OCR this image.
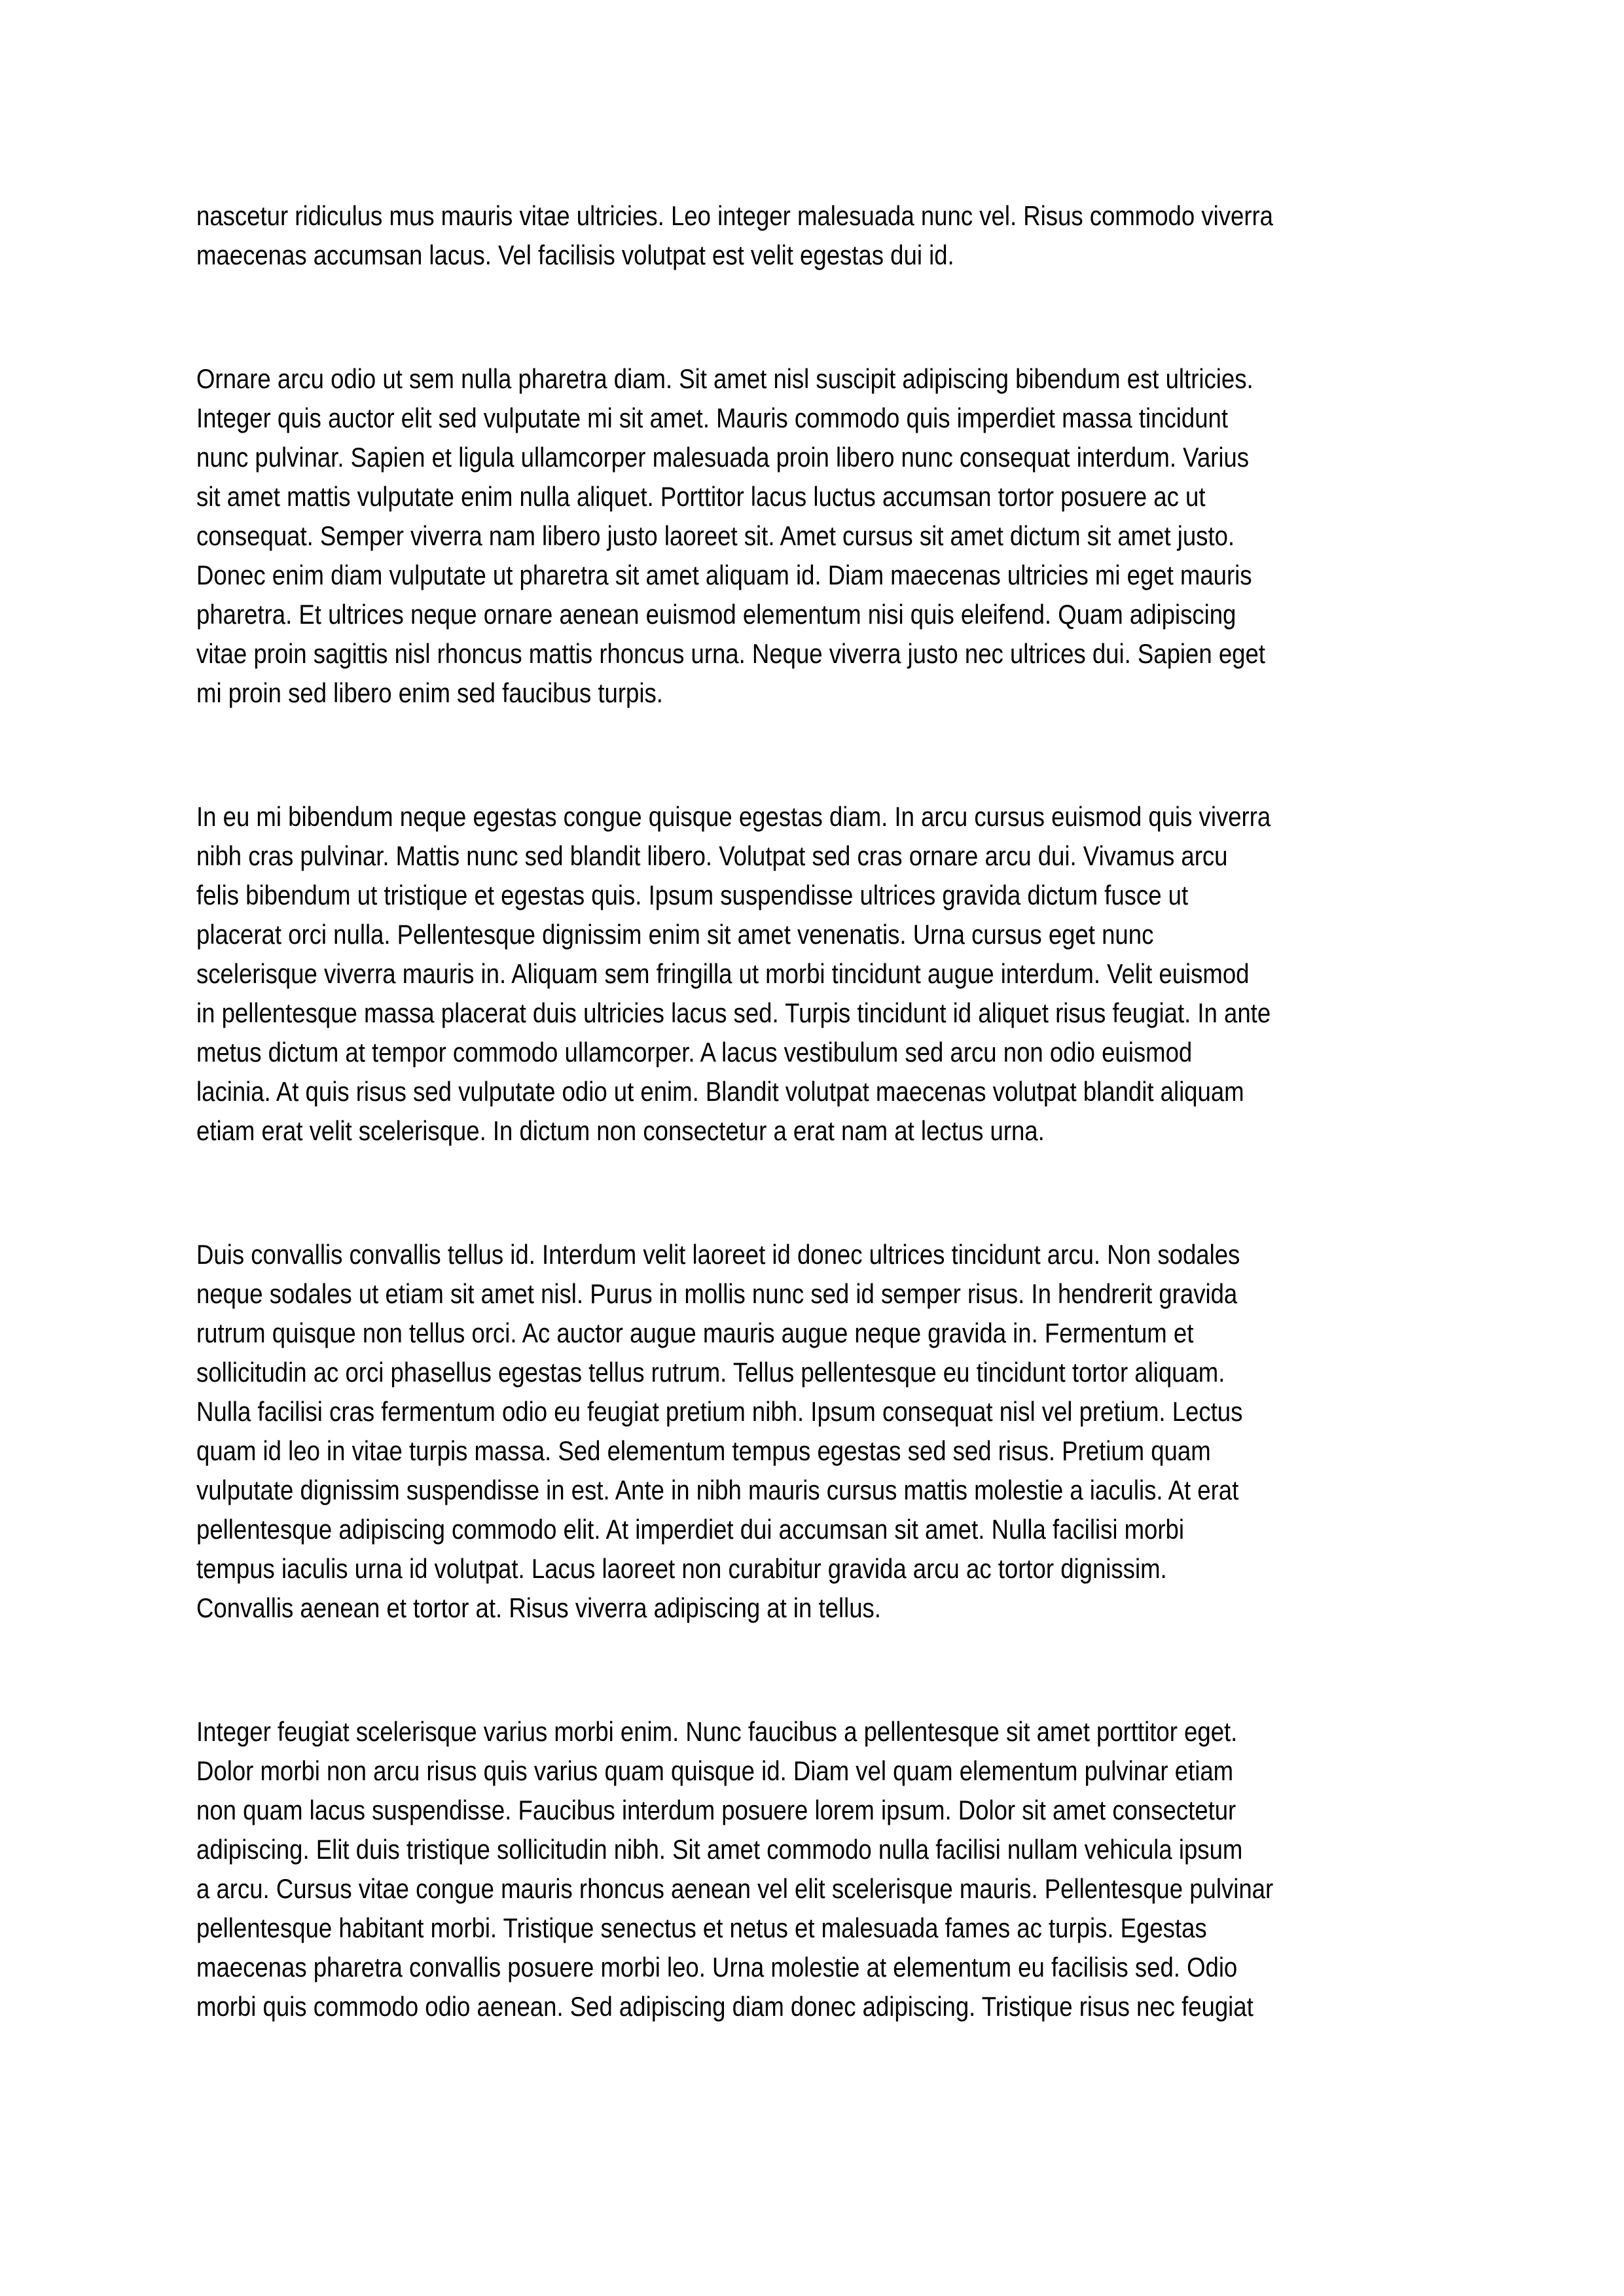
nascetur ridiculus mus mauris vitae ultricies. Leo integer malesuada nunc vel. Risus commodo viverra
maecenas accumsan lacus. Vel facilisis volutpat est velit egestas dui id.

Ornare arcu odio ut sem nulla pharetra diam. Sit amet nisl suscipit adipiscing bibendum est ultricies.
Integer quis auctor elit sed vulputate mi sit amet. Mauris commodo quis imperdiet massa tincidunt
nunc pulvinar. Sapien et ligula ullamcorper malesuada proin libero nunc consequat interdum. Varius
sit amet mattis vulputate enim nulla aliquet. Porttitor lacus luctus accumsan tortor posuere ac ut
consequat. Semper viverra nam libero justo laoreet sit. Amet cursus sit amet dictum sit amet justo.
Donec enim diam vulputate ut pharetra sit amet aliquam id. Diam maecenas ultricies mi eget mauris
pharetra. Et ultrices neque ornare aenean euismod elementum nisi quis eleifend. Quam adipiscing
vitae proin sagittis nisl rhoncus mattis rhoncus urna. Neque viverra justo nec ultrices dui. Sapien eget
mi proin sed libero enim sed faucibus turpis.

In eu mi bibendum neque egestas congue quisque egestas diam. In arcu cursus euismod quis viverra
nibh cras pulvinar. Mattis nunc sed blandit libero. Volutpat sed cras ornare arcu dui. Vivamus arcu
felis bibendum ut tristique et egestas quis. Ipsum suspendisse ultrices gravida dictum fusce ut
placerat orci nulla. Pellentesque dignissim enim sit amet venenatis. Urna cursus eget nunc
scelerisque viverra mauris in. Aliquam sem fringilla ut morbi tincidunt augue interdum. Velit euismod
in pellentesque massa placerat duis ultricies lacus sed. Turpis tincidunt id aliquet risus feugiat. In ante
metus dictum at tempor commodo ullamcorper. A lacus vestibulum sed arcu non odio euismod
lacinia. At quis risus sed vulputate odio ut enim. Blandit volutpat maecenas volutpat blandit aliquam
etiam erat velit scelerisque. In dictum non consectetur a erat nam at lectus urna.

Duis convallis convallis tellus id. Interdum velit laoreet id donec ultrices tincidunt arcu. Non sodales
neque sodales ut etiam sit amet nisl. Purus in mollis nunc sed id semper risus. In hendrerit gravida
rutrum quisque non tellus orci. Ac auctor augue mauris augue neque gravida in. Fermentum et
sollicitudin ac orci phasellus egestas tellus rutrum. Tellus pellentesque eu tincidunt tortor aliquam.
Nulla facilisi cras fermentum odio eu feugiat pretium nibh. Ipsum consequat nisl vel pretium. Lectus
quam id leo in vitae turpis massa. Sed elementum tempus egestas sed sed risus. Pretium quam
vulputate dignissim suspendisse in est. Ante in nibh mauris cursus mattis molestie a iaculis. At erat
pellentesque adipiscing commodo elit. At imperdiet dui accumsan sit amet. Nulla facilisi morbi
tempus iaculis urna id volutpat. Lacus laoreet non curabitur gravida arcu ac tortor dignissim.
Convallis aenean et tortor at. Risus viverra adipiscing at in tellus.

Integer feugiat scelerisque varius morbi enim. Nunc faucibus a pellentesque sit amet porttitor eget.
Dolor morbi non arcu risus quis varius quam quisque id. Diam vel quam elementum pulvinar etiam
non quam lacus suspendisse. Faucibus interdum posuere lorem ipsum. Dolor sit amet consectetur
adipiscing. Elit duis tristique sollicitudin nibh. Sit amet commodo nulla facilisi nullam vehicula ipsum
a arcu. Cursus vitae congue mauris rhoncus aenean vel elit scelerisque mauris. Pellentesque pulvinar
pellentesque habitant morbi. Tristique senectus et netus et malesuada fames ac turpis. Egestas
maecenas pharetra convallis posuere morbi leo. Urna molestie at elementum eu facilisis sed. Odio
morbi quis commodo odio aenean. Sed adipiscing diam donec adipiscing. Tristique risus nec feugiat
